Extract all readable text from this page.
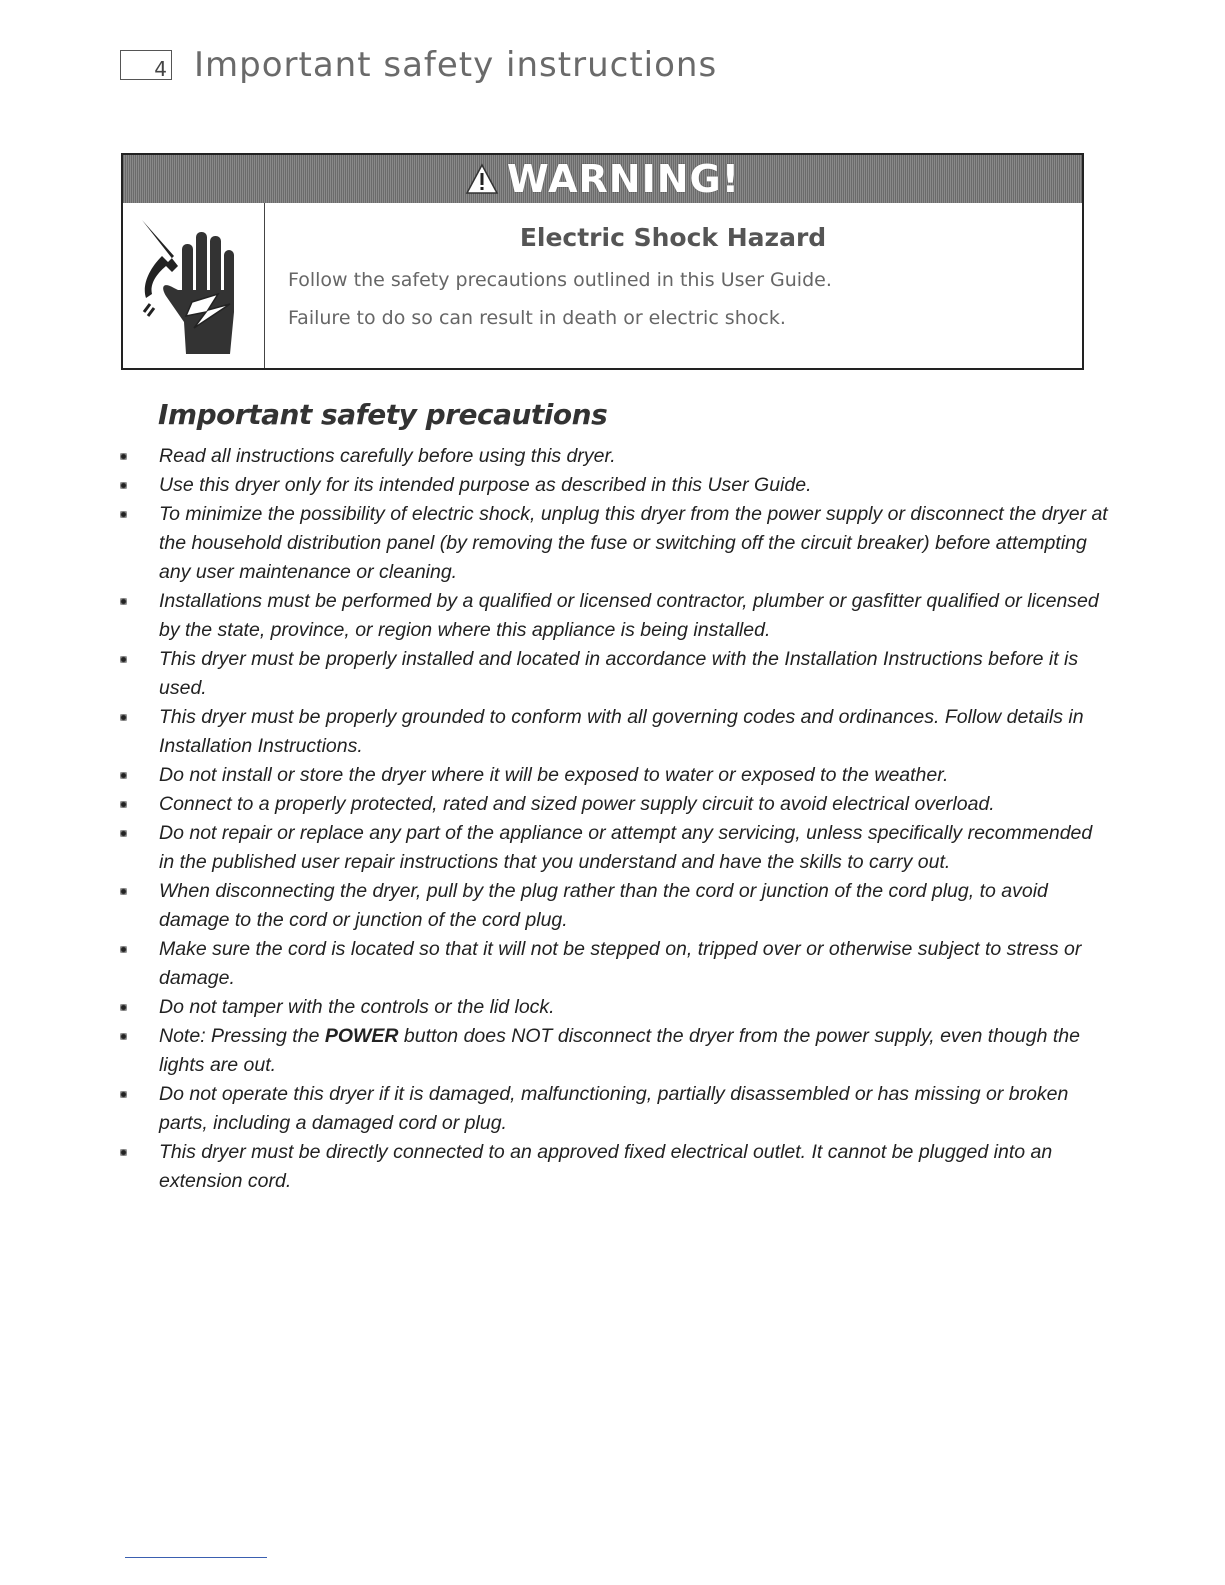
4 Important safety instructions
WARNING!
Electric Shock Hazard
Follow the safety precautions outlined in this User Guide.
Failure to do so can result in death or electric shock.
Important safety precautions
Read all instructions carefully before using this dryer.
Use this dryer only for its intended purpose as described in this User Guide.
To minimize the possibility of electric shock, unplug this dryer from the power supply or disconnect the dryer at the household distribution panel (by removing the fuse or switching off the circuit breaker) before attempting any user maintenance or cleaning.
Installations must be performed by a qualified or licensed contractor, plumber or gasfitter qualified or licensed by the state, province, or region where this appliance is being installed.
This dryer must be properly installed and located in accordance with the Installation Instructions before it is used.
This dryer must be properly grounded to conform with all governing codes and ordinances. Follow details in Installation Instructions.
Do not install or store the dryer where it will be exposed to water or exposed to the weather.
Connect to a properly protected, rated and sized power supply circuit to avoid electrical overload.
Do not repair or replace any part of the appliance or attempt any servicing, unless specifically recommended in the published user repair instructions that you understand and have the skills to carry out.
When disconnecting the dryer, pull by the plug rather than the cord or junction of the cord plug, to avoid damage to the cord or junction of the cord plug.
Make sure the cord is located so that it will not be stepped on, tripped over or otherwise subject to stress or damage.
Do not tamper with the controls or the lid lock.
Note: Pressing the POWER button does NOT disconnect the dryer from the power supply, even though the lights are out.
Do not operate this dryer if it is damaged, malfunctioning, partially disassembled or has missing or broken parts, including a damaged cord or plug.
This dryer must be directly connected to an approved fixed electrical outlet. It cannot be plugged into an extension cord.
